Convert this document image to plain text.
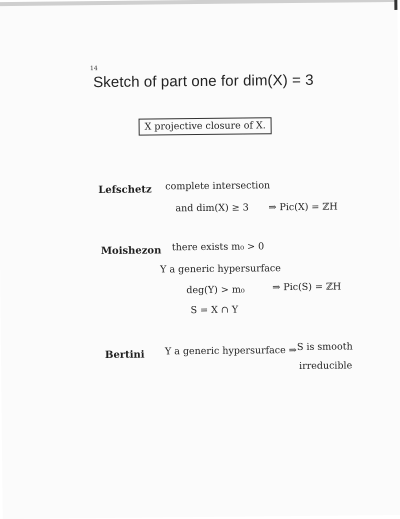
14
Sketch of part one for dim(X) = 3
X projective closure of X.
Lefschetz complete intersection
and dim(X) ≥ 3 ⇒ Pic(X) = ℤH
Moishezon there exists m₀ > 0
Y a generic hypersurface
deg(Y) > m₀	⇒ Pic(S) = ℤH
S = X ∩ Y
Bertini Y a generic hypersurface ⇒ S is smooth
irreducible
